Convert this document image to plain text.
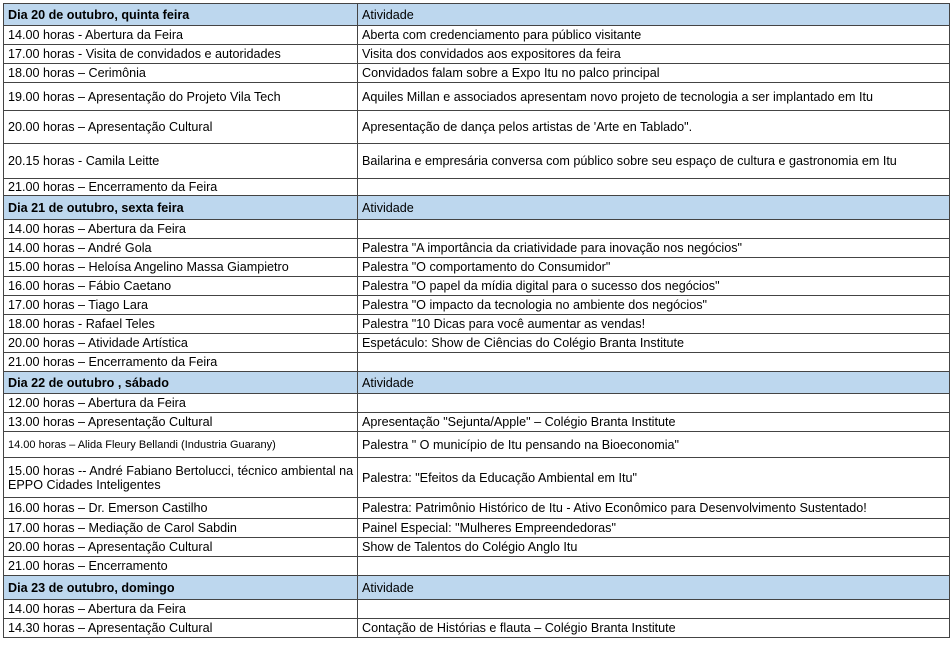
Dia 20 de outubro, quinta feira	Atividade
14.00 horas - Abertura da Feira	Aberta com credenciamento para público visitante
17.00 horas - Visita de convidados e autoridades	Visita dos convidados aos expositores da feira
18.00 horas – Cerimônia	Convidados falam sobre a Expo Itu no palco principal
19.00 horas – Apresentação do Projeto Vila Tech	Aquiles Millan e associados apresentam novo projeto de tecnologia a ser implantado em Itu
20.00 horas – Apresentação Cultural	Apresentação de dança pelos artistas de 'Arte en Tablado".
20.15 horas - Camila Leitte	Bailarina e empresária conversa com público sobre seu espaço de cultura e gastronomia em Itu
21.00 horas – Encerramento da Feira	
Dia 21 de outubro, sexta feira	Atividade
14.00 horas – Abertura da Feira	
14.00 horas – André Gola	Palestra "A importância da criatividade para inovação nos negócios"
15.00 horas – Heloísa Angelino Massa Giampietro	Palestra "O comportamento do Consumidor"
16.00 horas – Fábio Caetano	Palestra "O papel da mídia digital para o sucesso dos negócios"
17.00 horas – Tiago Lara	Palestra "O impacto da tecnologia no ambiente dos negócios"
18.00 horas - Rafael Teles	Palestra "10 Dicas para você aumentar as vendas!
20.00 horas – Atividade Artística	Espetáculo: Show de Ciências do Colégio Branta Institute
21.00 horas – Encerramento da Feira	
Dia 22 de outubro , sábado	Atividade
12.00 horas – Abertura da Feira	
13.00 horas – Apresentação Cultural	Apresentação "Sejunta/Apple" – Colégio Branta Institute
14.00 horas – Alida Fleury Bellandi (Industria Guarany)	Palestra " O município de Itu pensando na Bioeconomia"
15.00 horas -- André Fabiano Bertolucci, técnico ambiental na EPPO Cidades Inteligentes	Palestra: "Efeitos da Educação Ambiental em Itu"
16.00 horas – Dr. Emerson Castilho	Palestra: Patrimônio Histórico de Itu - Ativo Econômico para Desenvolvimento Sustentado!
17.00 horas – Mediação de Carol Sabdin	Painel Especial: "Mulheres Empreendedoras"
20.00 horas – Apresentação Cultural	Show de Talentos do Colégio Anglo Itu
21.00 horas – Encerramento	
Dia 23 de outubro, domingo	Atividade
14.00 horas – Abertura da Feira	
14.30 horas – Apresentação Cultural	Contação de Histórias e flauta – Colégio Branta Institute
